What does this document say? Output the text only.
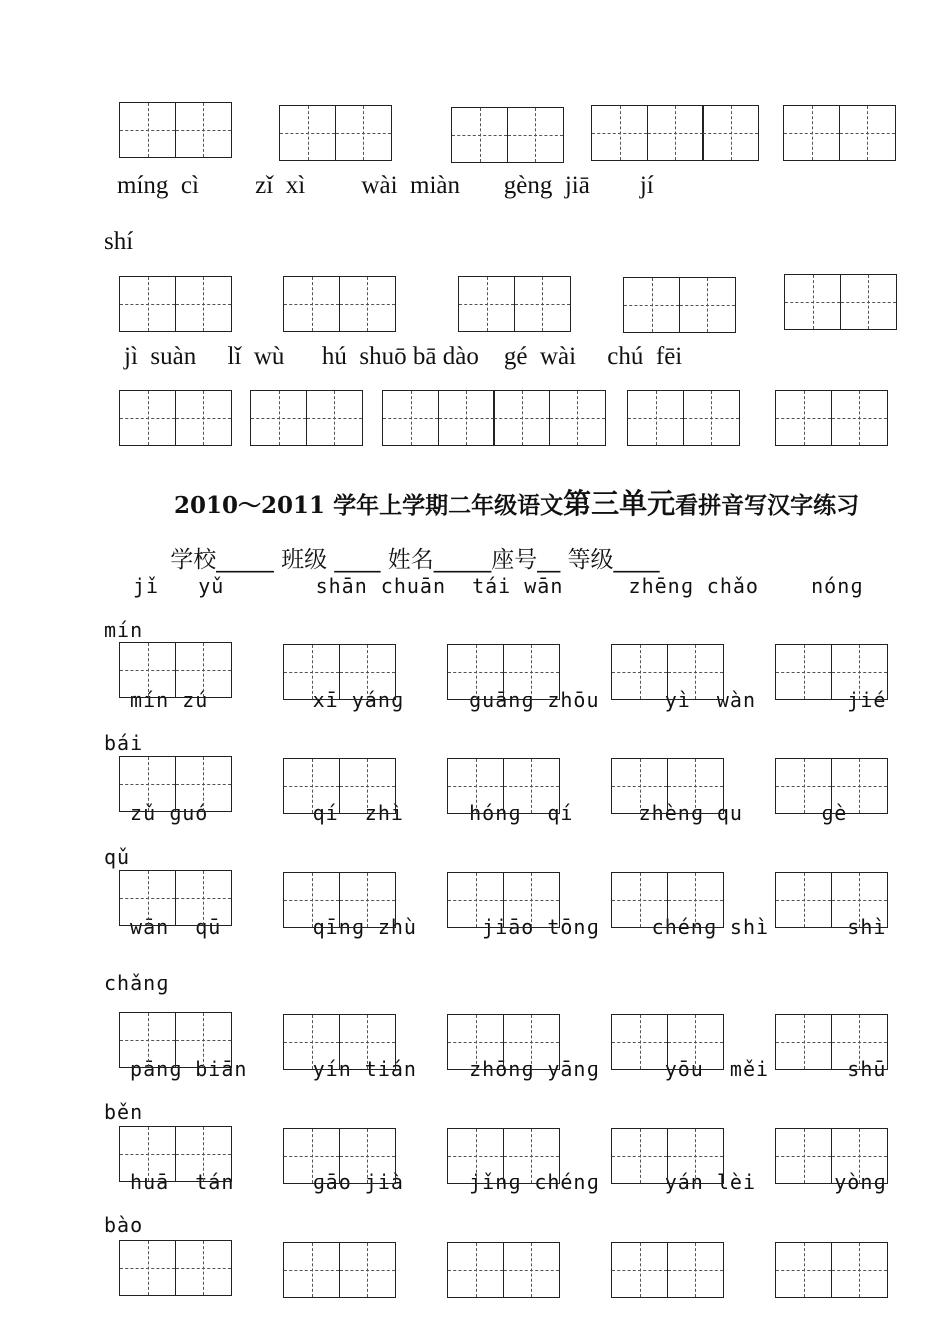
míng  cì         zǐ  xì         wài  miàn       gèng  jiā        jí
shí
jì  suàn     lǐ  wù      hú  shuō bā dào    gé  wài     chú  fēi

2010～2011 学年上学期二年级语文第三单元看拼音写汉字练习

学校_____ 班级 ____ 姓名_____座号__ 等级____

jǐ   yǔ       shān chuān  tái wān     zhēnɡ chǎo    nónɡ
mín
mín zú        xī yánɡ     guānɡ zhōu     yì  wàn       jié
bái
zǔ ɡuó        qí  zhì     hónɡ  qí     zhènɡ qu      ɡè
qǔ
wān  qū       qīnɡ zhù     jiāo tōnɡ    chénɡ shì      shì
chǎnɡ
pānɡ biān     yín tián    zhōnɡ yānɡ     yōu  měi      shū
běn
huā  tán      ɡāo jià     jǐnɡ chénɡ     yán lèi      yònɡ
bào
